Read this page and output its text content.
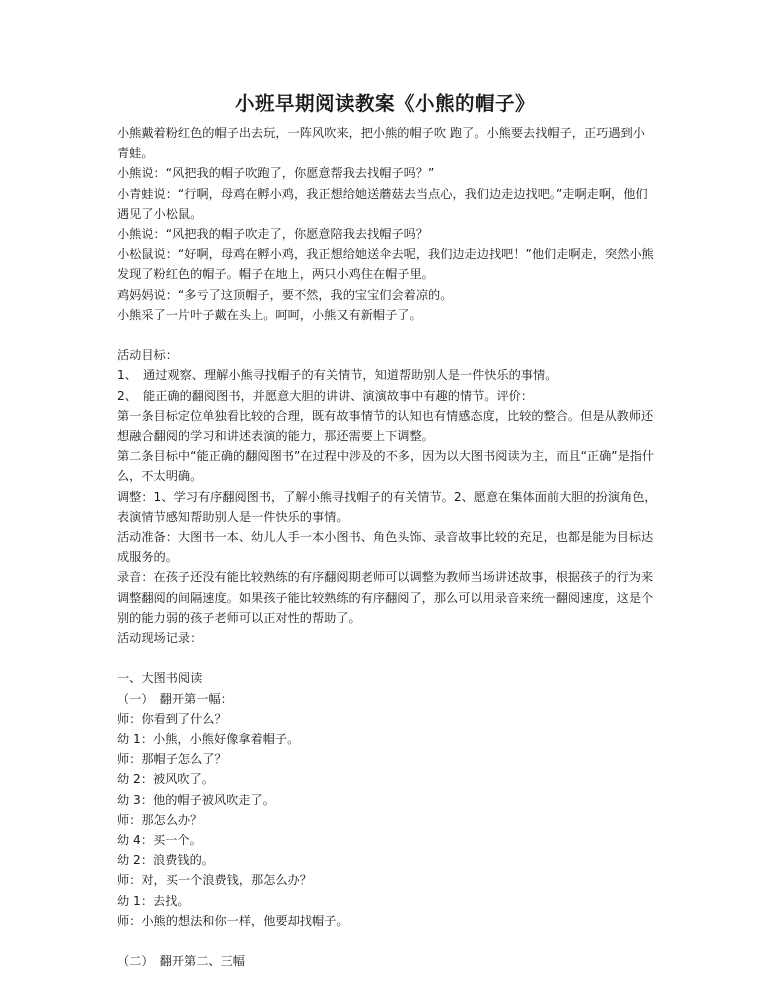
小班早期阅读教案《小熊的帽子》

小熊戴着粉红色的帽子出去玩，一阵风吹来，把小熊的帽子吹 跑了。小熊要去找帽子，正巧遇到小青蛙。

小熊说：“风把我的帽子吹跑了，你愿意帮我去找帽子吗？”

小青蛙说：“行啊，母鸡在孵小鸡，我正想给她送蘑菇去当点心，我们边走边找吧。”走啊走啊，他们遇见了小松鼠。

小熊说：“风把我的帽子吹走了，你愿意陪我去找帽子吗？

小松鼠说：“好啊，母鸡在孵小鸡，我正想给她送伞去呢，我们边走边找吧！”他们走啊走，突然小熊发现了粉红色的帽子。帽子在地上，两只小鸡住在帽子里。

鸡妈妈说：“多亏了这顶帽子，要不然，我的宝宝们会着凉的。

小熊采了一片叶子戴在头上。呵呵，小熊又有新帽子了。

活动目标：

1、　通过观察、理解小熊寻找帽子的有关情节，知道帮助别人是一件快乐的事情。

2、　能正确的翻阅图书，并愿意大胆的讲讲、演演故事中有趣的情节。评价：

第一条目标定位单独看比较的合理，既有故事情节的认知也有情感态度，比较的整合。但是从教师还想融合翻阅的学习和讲述表演的能力，那还需要上下调整。

第二条目标中“能正确的翻阅图书”在过程中涉及的不多，因为以大图书阅读为主，而且“正确”是指什么，不太明确。

调整：1、学习有序翻阅图书，了解小熊寻找帽子的有关情节。2、愿意在集体面前大胆的扮演角色，表演情节感知帮助别人是一件快乐的事情。

活动准备：大图书一本、幼儿人手一本小图书、角色头饰、录音故事比较的充足，也都是能为目标达成服务的。

录音：在孩子还没有能比较熟练的有序翻阅期老师可以调整为教师当场讲述故事，根据孩子的行为来调整翻阅的间隔速度。如果孩子能比较熟练的有序翻阅了，那么可以用录音来统一翻阅速度，这是个别的能力弱的孩子老师可以正对性的帮助了。

活动现场记录：

一、大图书阅读

（一）　翻开第一幅：

师：你看到了什么？

幼 1：小熊，小熊好像拿着帽子。

师：那帽子怎么了？

幼 2：被风吹了。

幼 3：他的帽子被风吹走了。

师：那怎么办？

幼 4：买一个。

幼 2：浪费钱的。

师：对，买一个浪费钱，那怎么办？

幼 1：去找。

师：小熊的想法和你一样，他要却找帽子。

（二）　翻开第二、三幅
